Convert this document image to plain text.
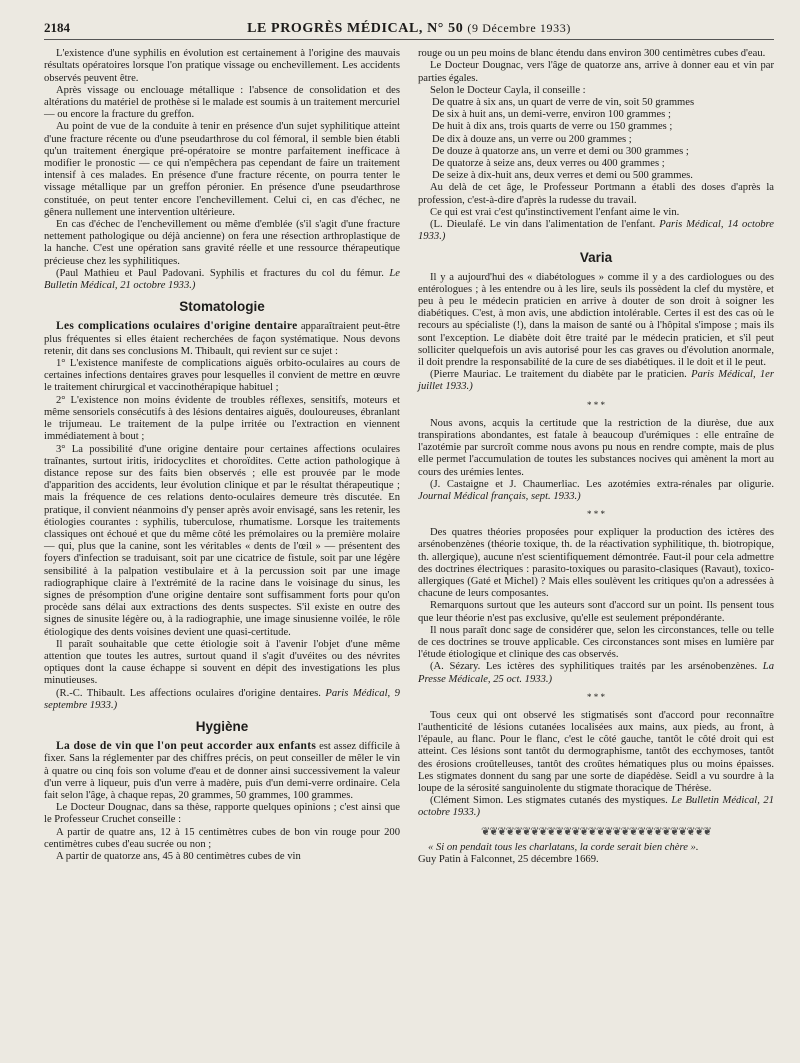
2184	LE PROGRÈS MÉDICAL, N° 50 (9 Décembre 1933)

L'existence d'une syphilis en évolution est certainement à l'origine des mauvais résultats opératoires lorsque l'on pratique vissage ou enchevillement. Les accidents observés peuvent être.

Après vissage ou enclouage métallique : l'absence de consolidation et des altérations du matériel de prothèse si le malade est soumis à un traitement mercuriel — ou encore la fracture du greffon.

Au point de vue de la conduite à tenir en présence d'un sujet syphilitique atteint d'une fracture récente ou d'une pseudarthrose du col fémoral, il semble bien établi qu'un traitement énergique pré-opératoire se montre parfaitement inefficace à modifier le pronostic — ce qui n'empêchera pas cependant de faire un traitement intensif à ces malades. En présence d'une fracture récente, on pourra tenter le vissage métallique par un greffon péronier. En présence d'une pseudarthrose constituée, on peut tenter encore l'enchevillement. Celui ci, en cas d'échec, ne gênera nullement une intervention ultérieure.

En cas d'échec de l'enchevillement ou même d'emblée (s'il s'agit d'une fracture nettement pathologique ou déjà ancienne) on fera une résection arthroplastique de la hanche. C'est une opération sans gravité réelle et une ressource thérapeutique précieuse chez les syphilitiques.

(Paul Mathieu et Paul Padovani. Syphilis et fractures du col du fémur. Le Bulletin Médical, 21 octobre 1933.)

Stomatologie

Les complications oculaires d'origine dentaire apparaîtraient peut-être plus fréquentes si elles étaient recherchées de façon systématique. Nous devons retenir, dit dans ses conclusions M. Thibault, qui revient sur ce sujet :

1° L'existence manifeste de complications aiguës orbito-oculaires au cours de certaines infections dentaires graves pour lesquelles il convient de mettre en œuvre le traitement chirurgical et vaccinothérapique habituel ;

2° L'existence non moins évidente de troubles réflexes, sensitifs, moteurs et même sensoriels consécutifs à des lésions dentaires aiguës, douloureuses, ébranlant le trijumeau. Le traitement de la pulpe irritée ou l'extraction en viennent immédiatement à bout ;

3° La possibilité d'une origine dentaire pour certaines affections oculaires traînantes, surtout iritis, iridocyclites et choroïdites. Cette action pathologique à distance repose sur des faits bien observés ; elle est prouvée par le mode d'apparition des accidents, leur évolution clinique et par le résultat thérapeutique ; mais la fréquence de ces relations dento-oculaires demeure très discutée. En pratique, il convient néanmoins d'y penser après avoir envisagé, sans les retenir, les étiologies courantes : syphilis, tuberculose, rhumatisme. Lorsque les traitements classiques ont échoué et que du même côté les prémolaires ou la première molaire — qui, plus que la canine, sont les véritables « dents de l'œil » — présentent des foyers d'infection se traduisant, soit par une cicatrice de fistule, soit par une légère sensibilité à la palpation vestibulaire et à la percussion soit par une image radiographique claire à l'extrémité de la racine dans le voisinage du sinus, les signes de présomption d'une origine dentaire sont suffisamment forts pour qu'on procède sans délai aux extractions des dents suspectes. S'il existe en outre des signes de sinusite légère ou, à la radiographie, une image sinusienne voilée, le rôle étiologique des dents voisines devient une quasi-certitude.

Il paraît souhaitable que cette étiologie soit à l'avenir l'objet d'une même attention que toutes les autres, surtout quand il s'agit d'uvéites ou des névrites optiques dont la cause échappe si souvent en dépit des investigations les plus minutieuses.

(R.-C. Thibault. Les affections oculaires d'origine dentaires. Paris Médical, 9 septembre 1933.)

Hygiène

La dose de vin que l'on peut accorder aux enfants est assez difficile à fixer. Sans la réglementer par des chiffres précis, on peut conseiller de mêler le vin à quatre ou cinq fois son volume d'eau et de donner ainsi successivement la valeur d'un verre à liqueur, puis d'un verre à madère, puis d'un demi-verre ordinaire. Cela fait selon l'âge, à chaque repas, 20 grammes, 50 grammes, 100 grammes.

Le Docteur Dougnac, dans sa thèse, rapporte quelques opinions ; c'est ainsi que le Professeur Cruchet conseille :

A partir de quatre ans, 12 à 15 centimètres cubes de bon vin rouge pour 200 centimètres cubes d'eau sucrée ou non ;

A partir de quatorze ans, 45 à 80 centimètres cubes de vin

rouge ou un peu moins de blanc étendu dans environ 300 centimètres cubes d'eau.

Le Docteur Dougnac, vers l'âge de quatorze ans, arrive à donner eau et vin par parties égales.

Selon le Docteur Cayla, il conseille :

De quatre à six ans, un quart de verre de vin, soit 50 grammes

De six à huit ans, un demi-verre, environ 100 grammes ;

De huit à dix ans, trois quarts de verre ou 150 grammes ;

De dix à douze ans, un verre ou 200 grammes ;

De douze à quatorze ans, un verre et demi ou 300 grammes ;

De quatorze à seize ans, deux verres ou 400 grammes ;

De seize à dix-huit ans, deux verres et demi ou 500 grammes.

Au delà de cet âge, le Professeur Portmann a établi des doses d'après la profession, c'est-à-dire d'après la rudesse du travail.

Ce qui est vrai c'est qu'instinctivement l'enfant aime le vin.

(L. Dieulafé. Le vin dans l'alimentation de l'enfant. Paris Médical, 14 octobre 1933.)

Varia

Il y a aujourd'hui des « diabétologues » comme il y a des cardiologues ou des entérologues ; à les entendre ou à les lire, seuls ils possèdent la clef du mystère, et peu à peu le médecin praticien en arrive à douter de son droit à soigner les diabétiques. C'est, à mon avis, une abdiction intolérable. Certes il est des cas où le recours au spécialiste (!), dans la maison de santé ou à l'hôpital s'impose ; mais ils sont l'exception. Le diabète doit être traité par le médecin praticien, et s'il peut solliciter quelquefois un avis autorisé pour les cas graves ou d'évolution anormale, il doit prendre la responsabilité de la cure de ses diabétiques. il le doit et il le peut.

(Pierre Mauriac. Le traitement du diabète par le praticien. Paris Médical, 1er juillet 1933.)

* * *

Nous avons, acquis la certitude que la restriction de la diurèse, due aux transpirations abondantes, est fatale à beaucoup d'urémiques : elle entraîne de l'azotémie par surcroît comme nous avons pu nous en rendre compte, mais de plus elle permet l'accumulation de toutes les substances nocives qui amènent la mort au cours des urémies lentes.

(J. Castaigne et J. Chaumerliac. Les azotémies extra-rénales par oligurie. Journal Médical français, sept. 1933.)

* * *

Des quatres théories proposées pour expliquer la production des ictères des arsénobenzènes (théorie toxique, th. de la réactivation syphilitique, th. biotropique, th. allergique), aucune n'est scientifiquement démontrée. Faut-il pour cela admettre des doctrines électriques : parasito-toxiques ou parasito-clasiques (Ravaut), toxico-allergiques (Gaté et Michel) ? Mais elles soulèvent les critiques qu'on a adressées à chacune de leurs composantes.

Remarquons surtout que les auteurs sont d'accord sur un point. Ils pensent tous que leur théorie n'est pas exclusive, qu'elle est seulement prépondérante.

Il nous paraît donc sage de considérer que, selon les circonstances, telle ou telle de ces doctrines se trouve applicable. Ces circonstances sont mises en lumière par l'étude étiologique et clinique des cas observés.

(A. Sézary. Les ictères des syphilitiques traités par les arsénobenzènes. La Presse Médicale, 25 oct. 1933.)

* * *

Tous ceux qui ont observé les stigmatisés sont d'accord pour reconnaître l'authenticité de lésions cutanées localisées aux mains, aux pieds, au front, à l'épaule, au flanc. Pour le flanc, c'est le côté gauche, tantôt le côté droit qui est atteint. Ces lésions sont tantôt du dermographisme, tantôt des ecchymoses, tantôt des érosions croûtelleuses, tantôt des croûtes hématiques plus ou moins épaisses. Les stigmates donnent du sang par une sorte de diapédèse. Seidl a vu sourdre à la loupe de la sérosité sanguinolente du stigmate thoracique de Thérèse.

(Clément Simon. Les stigmates cutanés des mystiques. Le Bulletin Médical, 21 octobre 1933.)

❦❦❦❦❦❦❦❦❦❦❦❦❦❦❦❦❦❦❦❦❦❦❦❦❦❦❦❦

« Si on pendait tous les charlatans, la corde serait bien chère ».

Guy Patin à Falconnet, 25 décembre 1669.
